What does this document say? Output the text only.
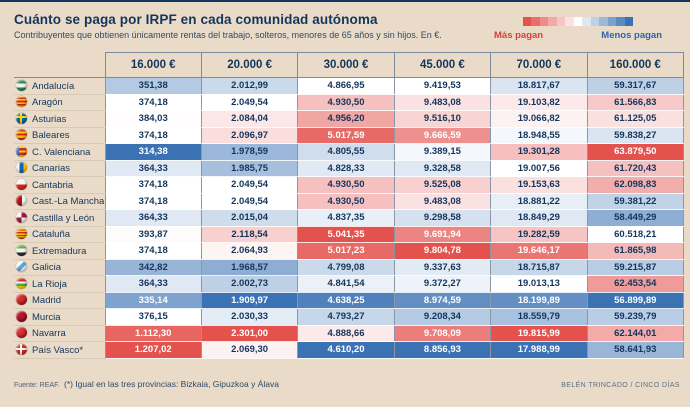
Cuánto se paga por IRPF en cada comunidad autónoma

Contribuyentes que obtienen únicamente rentas del trabajo, solteros, menores de 65 años y sin hijos. En €.	Más pagan	Menos pagan
	16.000 €	20.000 €	30.000 €	45.000 €	70.000 €	160.000 €
Andalucía	351,38	2.012,99	4.866,95	9.419,53	18.817,67	59.317,67
Aragón	374,18	2.049,54	4.930,50	9.483,08	19.103,82	61.566,83
Asturias	384,03	2.084,04	4.956,20	9.516,10	19.066,82	61.125,05
Baleares	374,18	2.096,97	5.017,59	9.666,59	18.948,55	59.838,27
C. Valenciana	314,38	1.978,59	4.805,55	9.389,15	19.301,28	63.879,50
Canarias	364,33	1.985,75	4.828,33	9.328,58	19.007,56	61.720,43
Cantabria	374,18	2.049,54	4.930,50	9.525,08	19.153,63	62.098,83
Cast.-La Mancha	374,18	2.049,54	4.930,50	9.483,08	18.881,22	59.381,22
Castilla y León	364,33	2.015,04	4.837,35	9.298,58	18.849,29	58.449,29
Cataluña	393,87	2.118,54	5.041,35	9.691,94	19.282,59	60.518,21
Extremadura	374,18	2.064,93	5.017,23	9.804,78	19.646,17	61.865,98
Galicia	342,82	1.968,57	4.799,08	9.337,63	18.715,87	59.215,87
La Rioja	364,33	2.002,73	4.841,54	9.372,27	19.013,13	62.453,54
Madrid	335,14	1.909,97	4.638,25	8.974,59	18.199,89	56.899,89
Murcia	376,15	2.030,33	4.793,27	9.208,34	18.559,79	59.239,79
Navarra	1.112,30	2.301,00	4.888,66	9.708,09	19.815,99	62.144,01
País Vasco*	1.207,02	2.069,30	4.610,20	8.856,93	17.988,99	58.641,93
Fuente: REAF. (*) Igual en las tres provincias: Bizkaia, Gipuzkoa y Álava	BELÉN TRINCADO / CINCO DÍAS
